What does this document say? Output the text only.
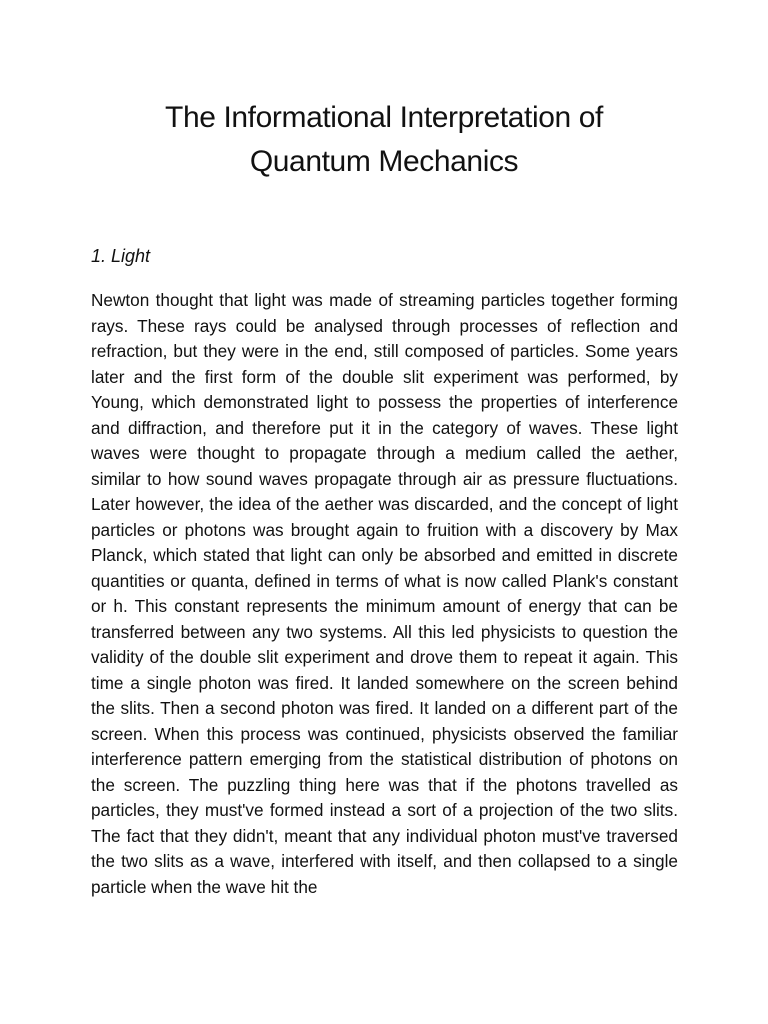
The Informational Interpretation of
Quantum Mechanics
1. Light

Newton thought that light was made of streaming particles together forming rays. These rays could be analysed through processes of reflection and refraction, but they were in the end, still composed of particles. Some years later and the first form of the double slit experiment was performed, by Young, which demonstrated light to possess the properties of interference and diffraction, and therefore put it in the category of waves. These light waves were thought to propagate through a medium called the aether, similar to how sound waves propagate through air as pressure fluctuations. Later however, the idea of the aether was discarded, and the concept of light particles or photons was brought again to fruition with a discovery by Max Planck, which stated that light can only be absorbed and emitted in discrete quantities or quanta, defined in terms of what is now called Plank's constant or h. This constant represents the minimum amount of energy that can be transferred between any two systems. All this led physicists to question the validity of the double slit experiment and drove them to repeat it again. This time a single photon was fired. It landed somewhere on the screen behind the slits. Then a second photon was fired. It landed on a different part of the screen. When this process was continued, physicists observed the familiar interference pattern emerging from the statistical distribution of photons on the screen. The puzzling thing here was that if the photons travelled as particles, they must've formed instead a sort of a projection of the two slits. The fact that they didn't, meant that any individual photon must've traversed the two slits as a wave, interfered with itself, and then collapsed to a single particle when the wave hit the
